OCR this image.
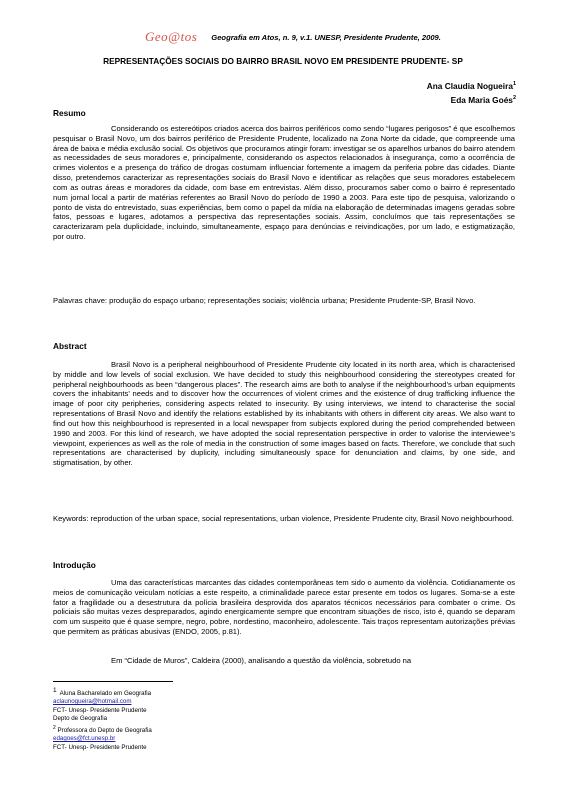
Geo@tos Geografia em Atos, n. 9, v.1. UNESP, Presidente Prudente, 2009.
REPRESENTAÇÕES SOCIAIS DO BAIRRO BRASIL NOVO EM PRESIDENTE PRUDENTE- SP
Ana Claudia Nogueira$^1$
Eda Maria Goés$^2$
Resumo
Considerando os estereótipos criados acerca dos bairros periféricos como sendo “lugares perigosos” é que escolhemos pesquisar o Brasil Novo, um dos bairros periférico de Presidente Prudente, localizado na Zona Norte da cidade, que compreende uma área de baixa e média exclusão social. Os objetivos que procuramos atingir foram: investigar se os aparelhos urbanos do bairro atendem as necessidades de seus moradores e, principalmente, considerando os aspectos relacionados à insegurança, como a ocorrência de crimes violentos e a presença do tráfico de drogas costumam influenciar fortemente a imagem da periferia pobre das cidades. Diante disso, pretendemos caracterizar as representações sociais do Brasil Novo e identificar as relações que seus moradores estabelecem com as outras áreas e moradores da cidade, com base em entrevistas. Além disso, procuramos saber como o bairro é representado num jornal local a partir de matérias referentes ao Brasil Novo do período de 1990 a 2003. Para este tipo de pesquisa, valorizando o ponto de vista do entrevistado, suas experiências, bem como o papel da mídia na elaboração de determinadas imagens geradas sobre fatos, pessoas e lugares, adotamos a perspectiva das representações sociais. Assim, concluímos que tais representações se caracterizaram pela duplicidade, incluindo, simultaneamente, espaço para denúncias e reivindicações, por um lado, e estigmatização, por outro.
Palavras chave: produção do espaço urbano; representações sociais; violência urbana; Presidente Prudente-SP, Brasil Novo.
Abstract
Brasil Novo is a peripheral neighbourhood of Presidente Prudente city located in its north area, which is characterised by middle and low levels of social exclusion. We have decided to study this neighbourhood considering the stereotypes created for peripheral neighbourhoods as been “dangerous places”. The research aims are both to analyse if the neighbourhood’s urban equipments covers the inhabitants’ needs and to discover how the occurrences of violent crimes and the existence of drug trafficking influence the image of poor city peripheries, considering aspects related to insecurity. By using interviews, we intend to characterise the social representations of Brasil Novo and identify the relations established by its inhabitants with others in different city areas. We also want to find out how this neighbourhood is represented in a local newspaper from subjects explored during the period comprehended between 1990 and 2003. For this kind of research, we have adopted the social representation perspective in order to valorise the interviewee’s viewpoint, experiences as well as the role of media in the construction of some images based on facts. Therefore, we conclude that such representations are characterised by duplicity, including simultaneously space for denunciation and claims, by one side, and stigmatisation, by other.
Keywords: reproduction of the urban space, social representations, urban violence, Presidente Prudente city, Brasil Novo neighbourhood.
Introdução
Uma das características marcantes das cidades contemporâneas tem sido o aumento da violência. Cotidianamente os meios de comunicação veiculam notícias a este respeito, a criminalidade parece estar presente em todos os lugares. Soma-se a este fator a fragilidade ou a desestrutura da polícia brasileira desprovida dos aparatos técnicos necessários para combater o crime. Os policiais são muitas vezes despreparados, agindo energicamente sempre que encontram situações de risco, isto é, quando se deparam com um suspeito que é quase sempre, negro, pobre, nordestino, maconheiro, adolescente. Tais traços representam autorizações prévias que permitem as práticas abusivas (ENDO, 2005, p.81).
Em “Cidade de Muros”, Caldeira (2000), analisando a questão da violência, sobretudo na
1 Aluna Bacharelado em Geografia
aclaunogueira@hotmail.com
FCT- Unesp- Presidente Prudente
Depto de Geografia
$^2$ Professora do Depto de Geografia
edagoes@fct.unesp.br
FCT- Unesp- Presidente Prudente
